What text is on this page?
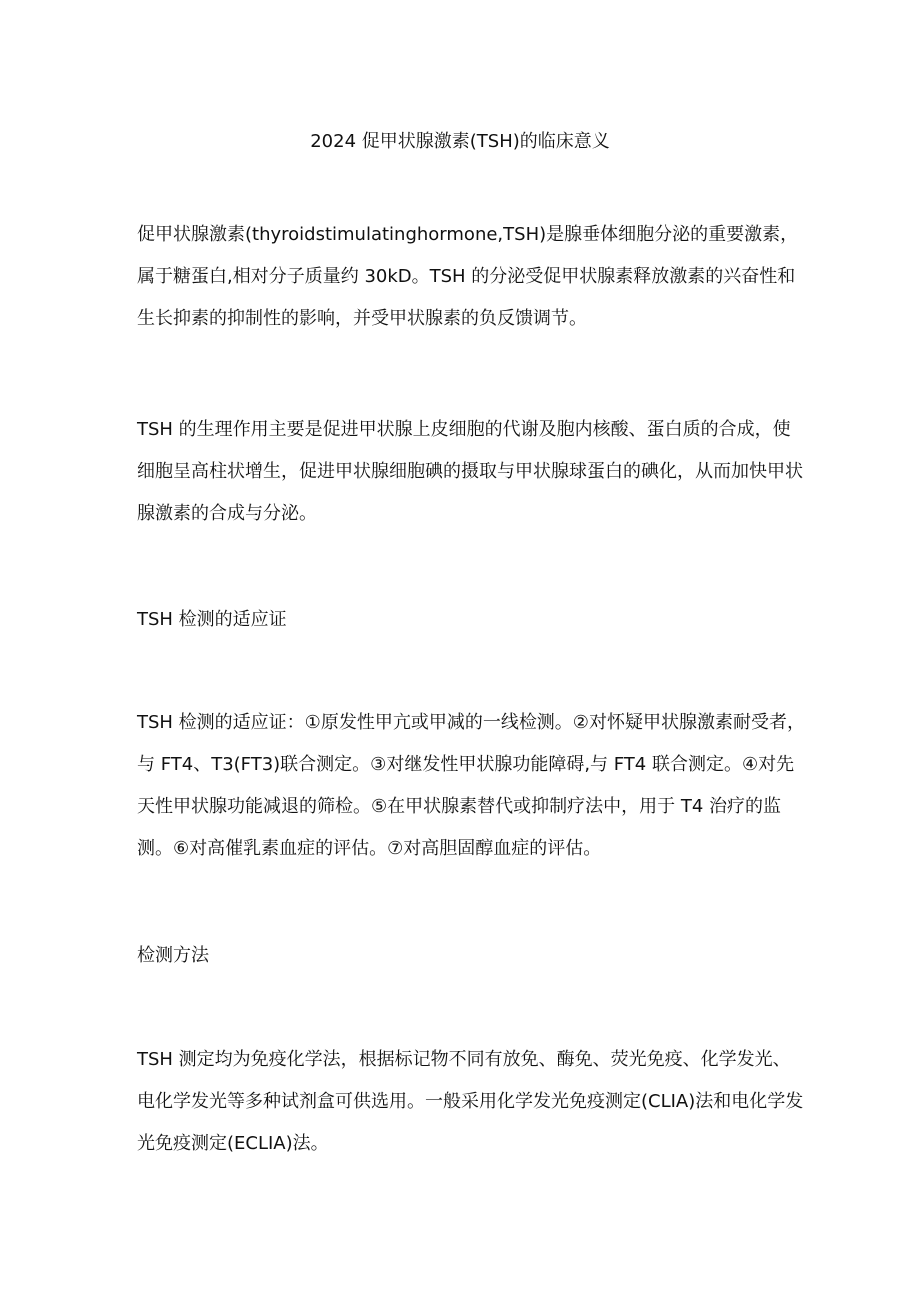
2024 促甲状腺激素(TSH)的临床意义
促甲状腺激素(thyroidstimulatinghormone,TSH)是腺垂体细胞分泌的重要激素，属于糖蛋白,相对分子质量约 30kD。TSH 的分泌受促甲状腺素释放激素的兴奋性和生长抑素的抑制性的影响，并受甲状腺素的负反馈调节。
TSH 的生理作用主要是促进甲状腺上皮细胞的代谢及胞内核酸、蛋白质的合成，使细胞呈高柱状增生，促进甲状腺细胞碘的摄取与甲状腺球蛋白的碘化，从而加快甲状腺激素的合成与分泌。
TSH 检测的适应证
TSH 检测的适应证：①原发性甲亢或甲减的一线检测。②对怀疑甲状腺激素耐受者，与 FT4、T3(FT3)联合测定。③对继发性甲状腺功能障碍,与 FT4 联合测定。④对先天性甲状腺功能减退的筛检。⑤在甲状腺素替代或抑制疗法中，用于 T4 治疗的监测。⑥对高催乳素血症的评估。⑦对高胆固醇血症的评估。
检测方法
TSH 测定均为免疫化学法，根据标记物不同有放免、酶免、荧光免疫、化学发光、电化学发光等多种试剂盒可供选用。一般采用化学发光免疫测定(CLIA)法和电化学发光免疫测定(ECLIA)法。
